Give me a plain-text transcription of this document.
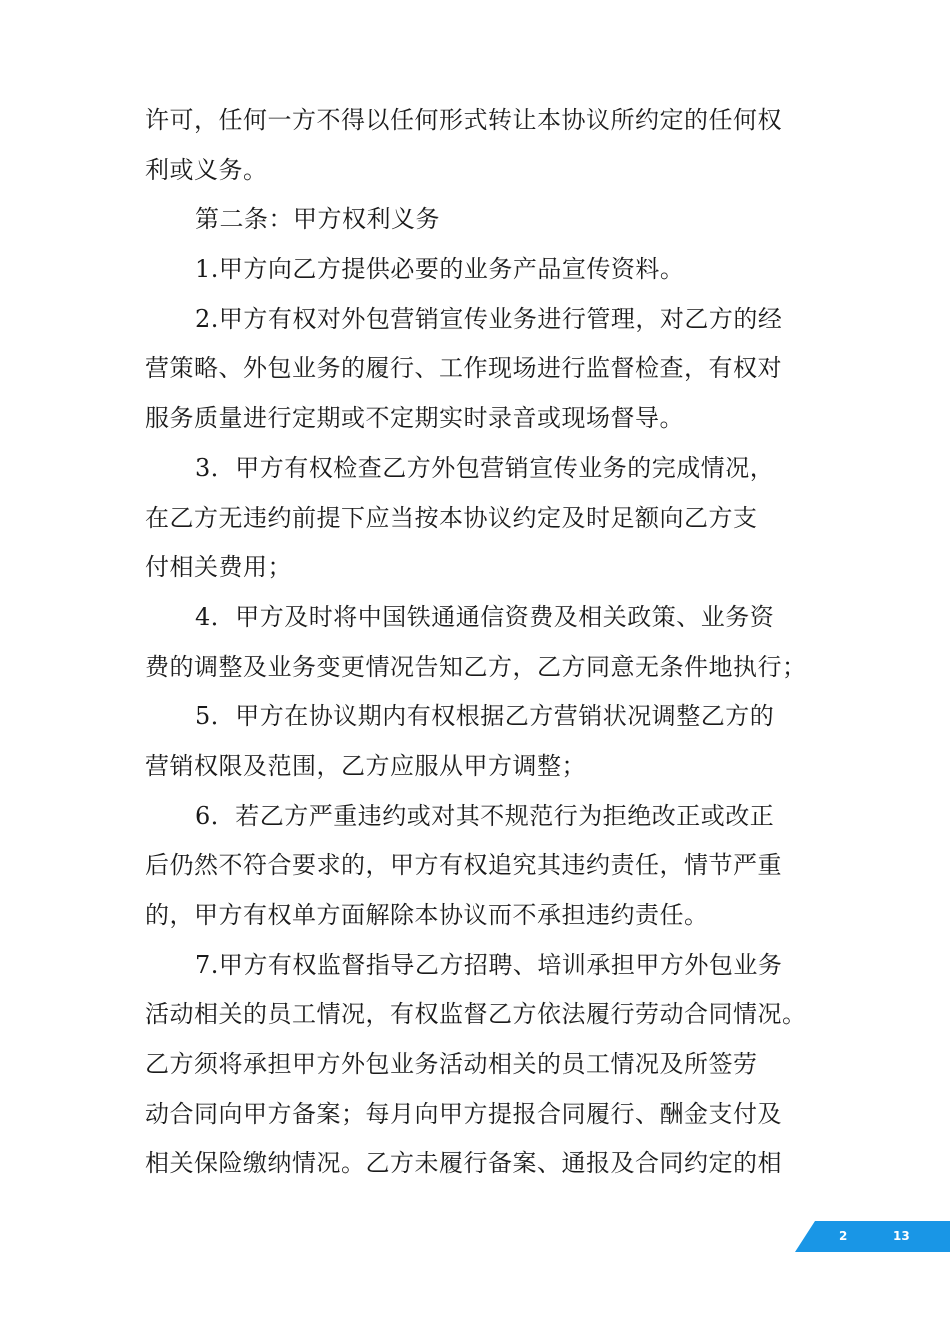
许可，任何一方不得以任何形式转让本协议所约定的任何权
利或义务。
第二条：甲方权利义务
1.甲方向乙方提供必要的业务产品宣传资料。
2.甲方有权对外包营销宣传业务进行管理，对乙方的经
营策略、外包业务的履行、工作现场进行监督检查，有权对
服务质量进行定期或不定期实时录音或现场督导。
3．甲方有权检查乙方外包营销宣传业务的完成情况，
在乙方无违约前提下应当按本协议约定及时足额向乙方支
付相关费用；
4．甲方及时将中国铁通通信资费及相关政策、业务资
费的调整及业务变更情况告知乙方，乙方同意无条件地执行；
5．甲方在协议期内有权根据乙方营销状况调整乙方的
营销权限及范围，乙方应服从甲方调整；
6．若乙方严重违约或对其不规范行为拒绝改正或改正
后仍然不符合要求的，甲方有权追究其违约责任，情节严重
的，甲方有权单方面解除本协议而不承担违约责任。
7.甲方有权监督指导乙方招聘、培训承担甲方外包业务
活动相关的员工情况，有权监督乙方依法履行劳动合同情况。
乙方须将承担甲方外包业务活动相关的员工情况及所签劳
动合同向甲方备案；每月向甲方提报合同履行、酬金支付及
相关保险缴纳情况。乙方未履行备案、通报及合同约定的相
2	13
